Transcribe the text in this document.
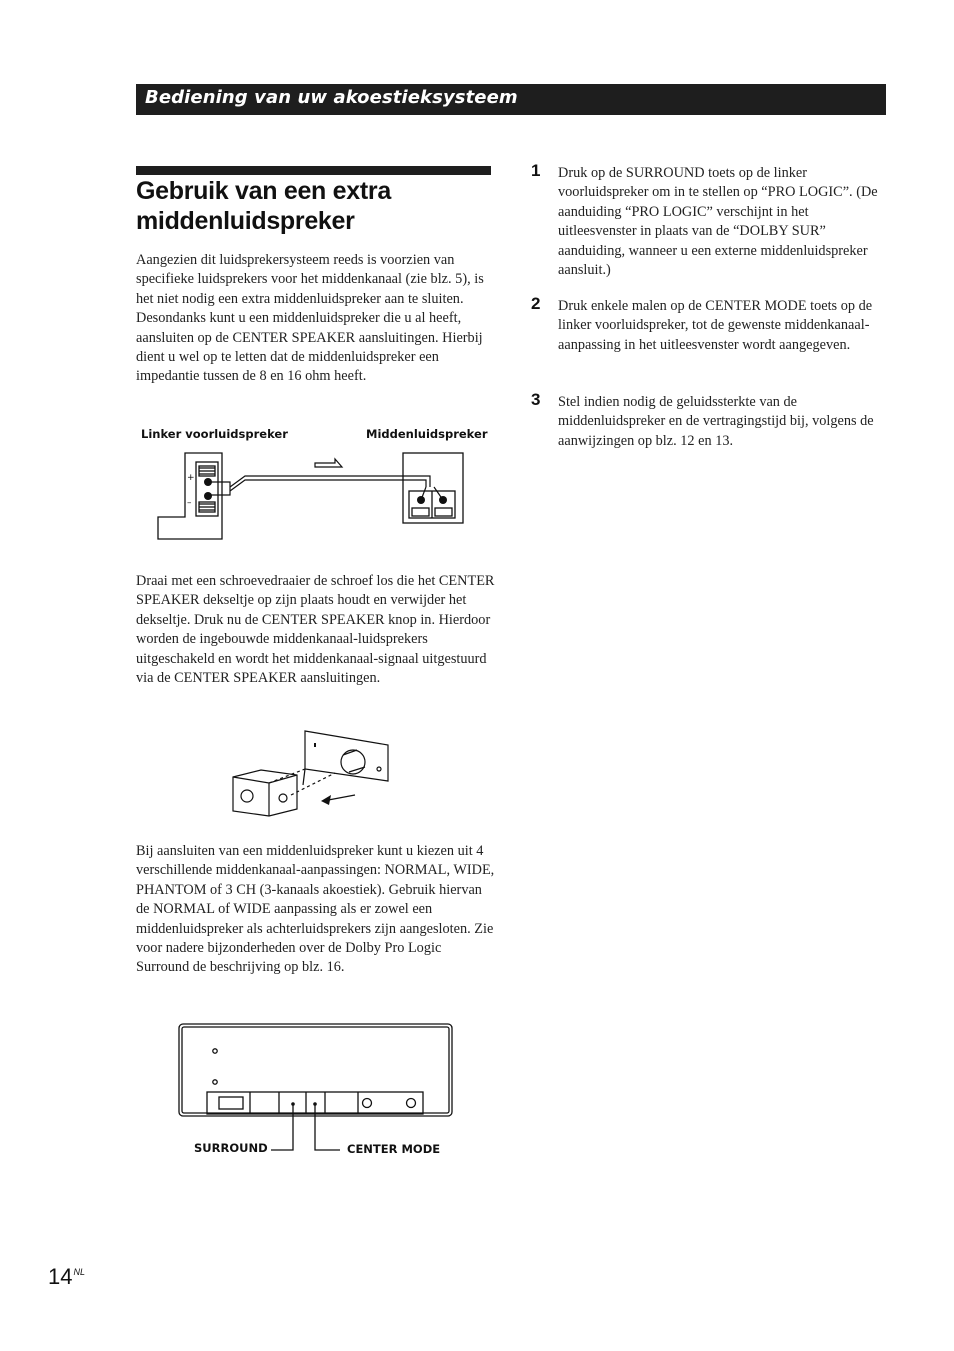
Bediening van uw akoestieksysteem
Gebruik van een extra
middenluidspreker

Aangezien dit luidsprekersysteem reeds is voorzien van specifieke luidsprekers voor het middenkanaal (zie blz. 5), is het niet nodig een extra middenluidspreker aan te sluiten. Desondanks kunt u een middenluidspreker die u al heeft, aansluiten op de CENTER SPEAKER aansluitingen. Hierbij dient u wel op te letten dat de middenluidspreker een impedantie tussen de 8 en 16 ohm heeft.

Linker voorluidspreker	Middenluidspreker
+
–

Draai met een schroevedraaier de schroef los die het CENTER SPEAKER dekseltje op zijn plaats houdt en verwijder het dekseltje. Druk nu de CENTER SPEAKER knop in. Hierdoor worden de ingebouwde middenkanaal-luidsprekers uitgeschakeld en wordt het middenkanaal-signaal uitgestuurd via de CENTER SPEAKER aansluitingen.

Bij aansluiten van een middenluidspreker kunt u kiezen uit 4 verschillende middenkanaal-aanpassingen: NORMAL, WIDE, PHANTOM of 3 CH (3-kanaals akoestiek). Gebruik hiervan de NORMAL of WIDE aanpassing als er zowel een middenluidspreker als achterluidsprekers zijn aangesloten. Zie voor nadere bijzonderheden over de Dolby Pro Logic Surround de beschrijving op blz. 16.

SURROUND	CENTER MODE
1 Druk op de SURROUND toets op de linker voorluidspreker om in te stellen op “PRO LOGIC”. (De aanduiding “PRO LOGIC” verschijnt in het uitleesvenster in plaats van de “DOLBY SUR” aanduiding, wanneer u een externe middenluidspreker aansluit.)

2 Druk enkele malen op de CENTER MODE toets op de linker voorluidspreker, tot de gewenste middenkanaal-aanpassing in het uitleesvenster wordt aangegeven.

3 Stel indien nodig de geluidssterkte van de middenluidspreker en de vertragingstijd bij, volgens de aanwijzingen op blz. 12 en 13.

$14^{NL}$
